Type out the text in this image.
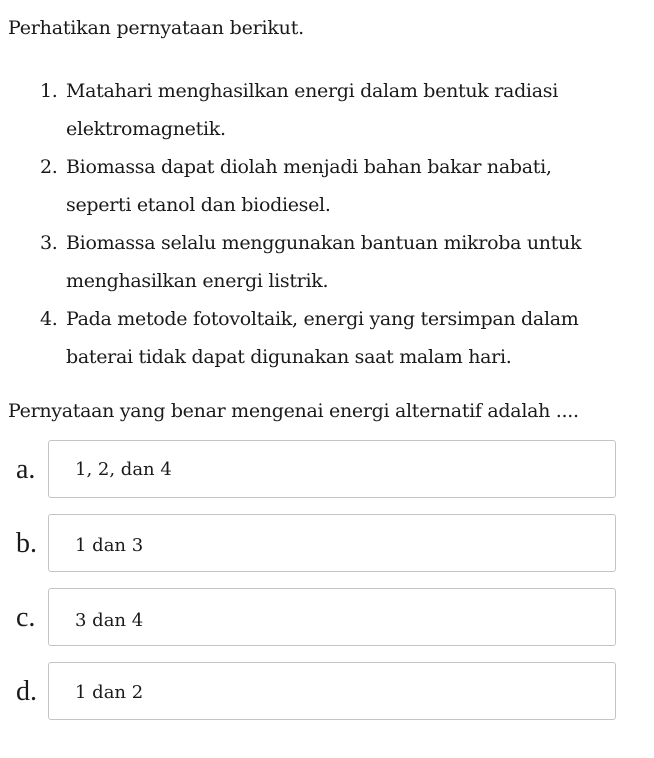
Perhatikan pernyataan berikut.
1. Matahari menghasilkan energi dalam bentuk radiasi
elektromagnetik.
2. Biomassa dapat diolah menjadi bahan bakar nabati,
seperti etanol dan biodiesel.
3. Biomassa selalu menggunakan bantuan mikroba untuk
menghasilkan energi listrik.
4. Pada metode fotovoltaik, energi yang tersimpan dalam
baterai tidak dapat digunakan saat malam hari.
Pernyataan yang benar mengenai energi alternatif adalah ....
a. 1, 2, dan 4
b. 1 dan 3
c. 3 dan 4
d. 1 dan 2
